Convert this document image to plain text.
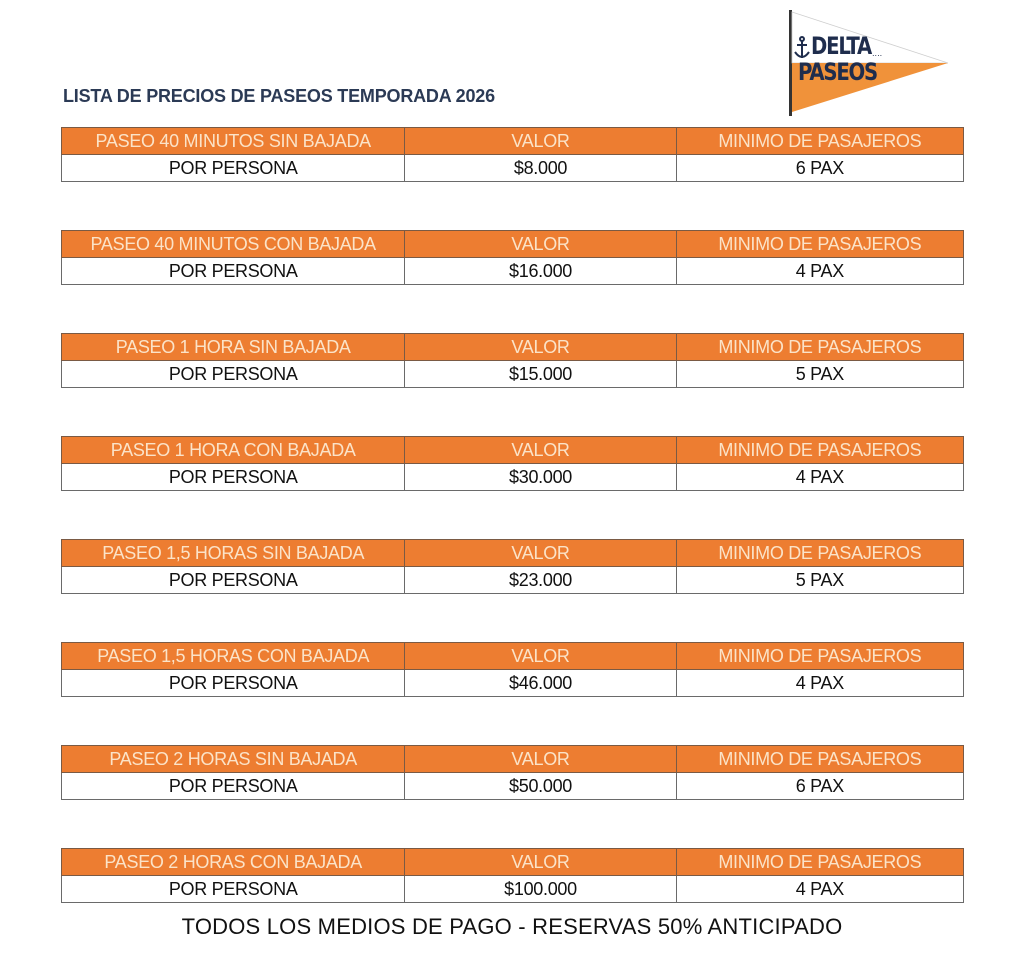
....
DELTA
PASEOS
LISTA DE PRECIOS DE PASEOS TEMPORADA 2026
PASEO 40 MINUTOS SIN BAJADA	VALOR	MINIMO DE PASAJEROS
POR PERSONA	$8.000	6 PAX
PASEO 40 MINUTOS CON BAJADA	VALOR	MINIMO DE PASAJEROS
POR PERSONA	$16.000	4 PAX
PASEO 1 HORA SIN BAJADA	VALOR	MINIMO DE PASAJEROS
POR PERSONA	$15.000	5 PAX
PASEO 1 HORA CON BAJADA	VALOR	MINIMO DE PASAJEROS
POR PERSONA	$30.000	4 PAX
PASEO 1,5 HORAS SIN BAJADA	VALOR	MINIMO DE PASAJEROS
POR PERSONA	$23.000	5 PAX
PASEO 1,5 HORAS CON BAJADA	VALOR	MINIMO DE PASAJEROS
POR PERSONA	$46.000	4 PAX
PASEO 2 HORAS SIN BAJADA	VALOR	MINIMO DE PASAJEROS
POR PERSONA	$50.000	6 PAX
PASEO 2 HORAS CON BAJADA	VALOR	MINIMO DE PASAJEROS
POR PERSONA	$100.000	4 PAX
TODOS LOS MEDIOS DE PAGO - RESERVAS 50% ANTICIPADO
